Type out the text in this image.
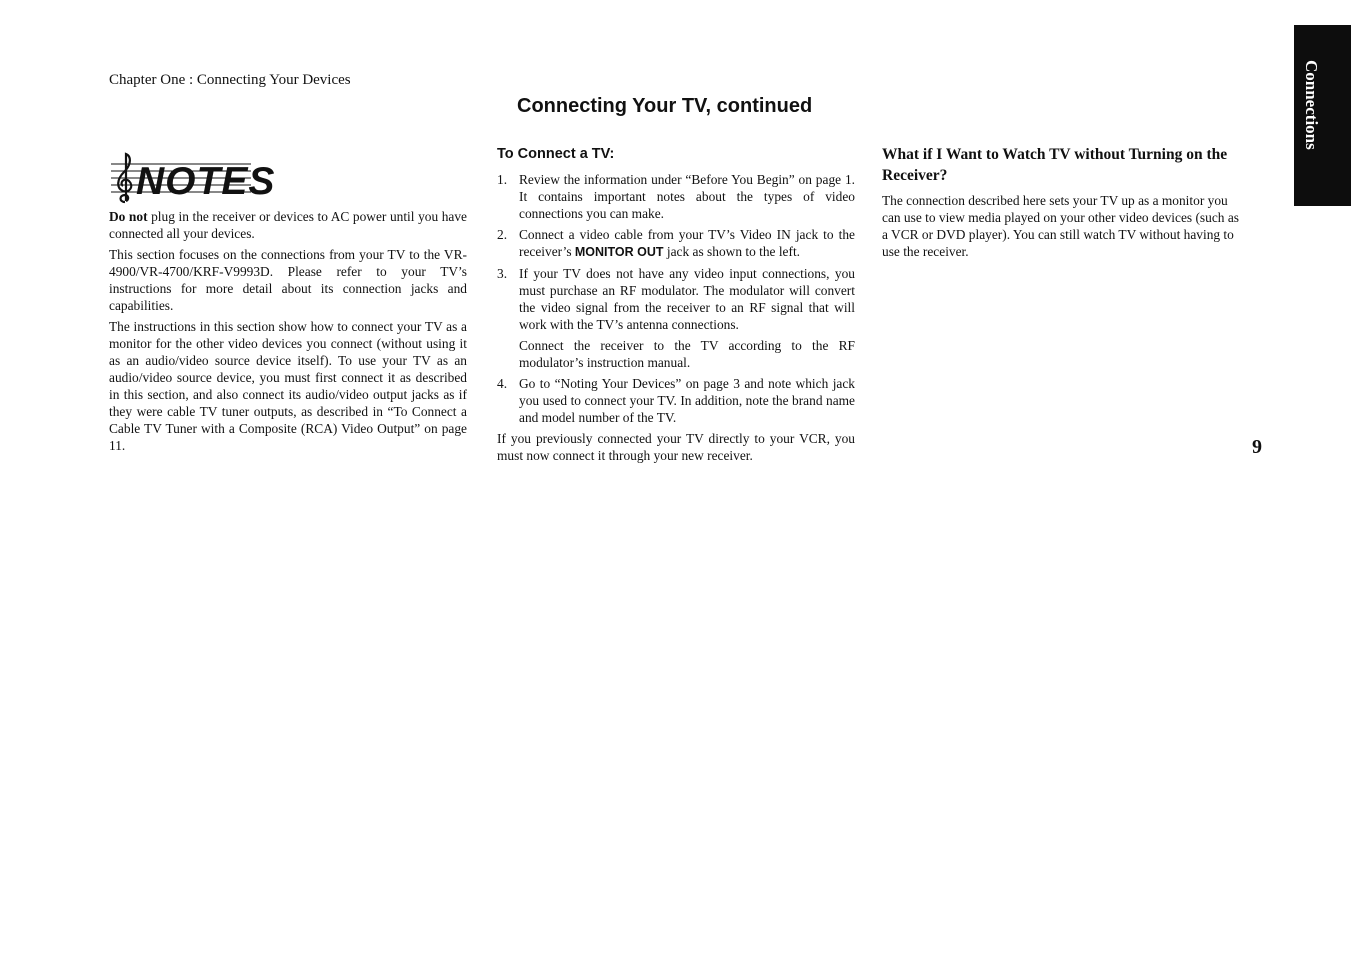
Chapter One : Connecting Your Devices
Connecting Your TV, continued	Connections
9
NOTES

Do not plug in the receiver or devices to AC power until you have connected all your devices.

This section focuses on the connections from your TV to the VR-4900/VR-4700/KRF-V9993D. Please refer to your TV’s instructions for more detail about its connection jacks and capabilities.

The instructions in this section show how to connect your TV as a monitor for the other video devices you connect (without using it as an audio/video source device itself). To use your TV as an audio/video source device, you must first connect it as described in this section, and also connect its audio/video output jacks as if they were cable TV tuner outputs, as described in “To Connect a Cable TV Tuner with a Composite (RCA) Video Output” on page 11.

To Connect a TV:
1. Review the information under “Before You Begin” on page 1. It contains important notes about the types of video connections you can make.

2. Connect a video cable from your TV’s Video IN jack to the receiver’s MONITOR OUT jack as shown to the left.

3. If your TV does not have any video input connections, you must purchase an RF modulator. The modulator will convert the video signal from the receiver to an RF signal that will work with the TV’s antenna connections.

Connect the receiver to the TV according to the RF modulator’s instruction manual.

4. Go to “Noting Your Devices” on page 3 and note which jack you used to connect your TV. In addition, note the brand name and model number of the TV.

If you previously connected your TV directly to your VCR, you must now connect it through your new receiver.

What if I Want to Watch TV without Turning on the Receiver?

The connection described here sets your TV up as a monitor you can use to view media played on your other video devices (such as a VCR or DVD player). You can still watch TV without having to use the receiver.
